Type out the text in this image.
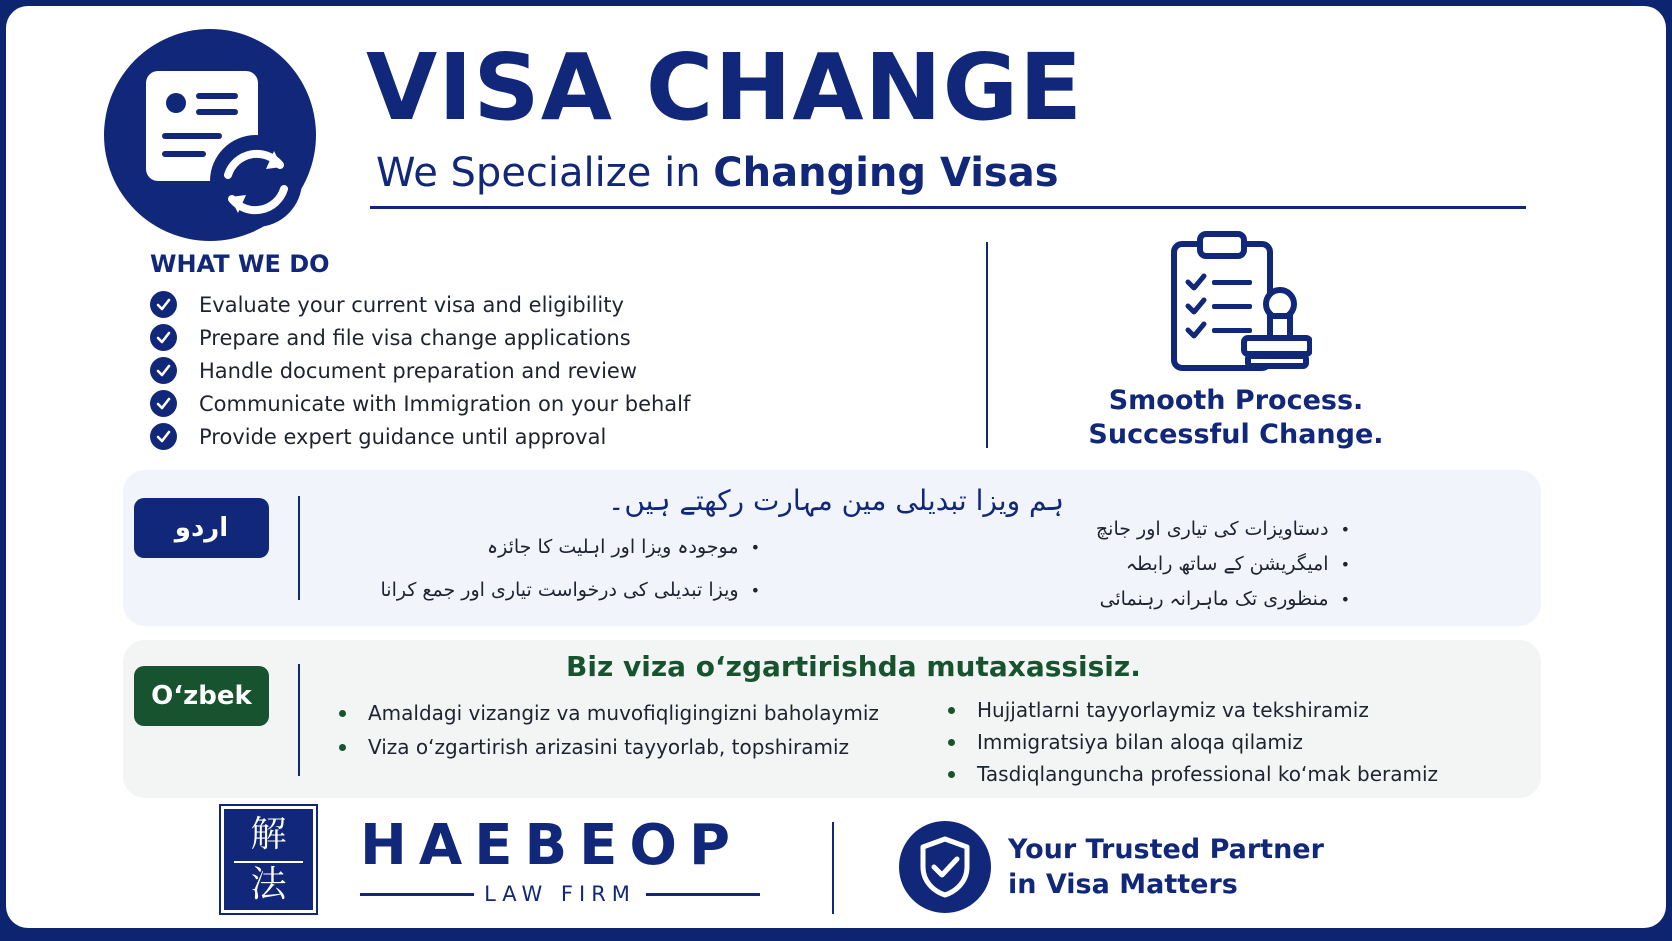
VISA CHANGE
We Specialize in Changing Visas
WHAT WE DO
Evaluate your current visa and eligibility
Prepare and file visa change applications
Handle document preparation and review
Communicate with Immigration on your behalf
Provide expert guidance until approval
Smooth Process.
Successful Change.
اردو
ہم ویزا تبدیلی مین مہارت رکھتے ہیں۔
• موجودہ ویزا اور اہلیت کا جائزہ
• ویزا تبدیلی کی درخواست تیاری اور جمع کرانا
• دستاویزات کی تیاری اور جانچ
• امیگریشن کے ساتھ رابطہ
• منظوری تک ماہرانہ رہنمائی
O‘zbek
Biz viza o‘zgartirishda mutaxassisiz.
Amaldagi vizangiz va muvofiqligingizni baholaymiz
Viza o‘zgartirish arizasini tayyorlab, topshiramiz
Hujjatlarni tayyorlaymiz va tekshiramiz
Immigratsiya bilan aloqa qilamiz
Tasdiqlanguncha professional ko‘mak beramiz
解
法
HAEBEOP
LAW FIRM
Your Trusted Partner
in Visa Matters
